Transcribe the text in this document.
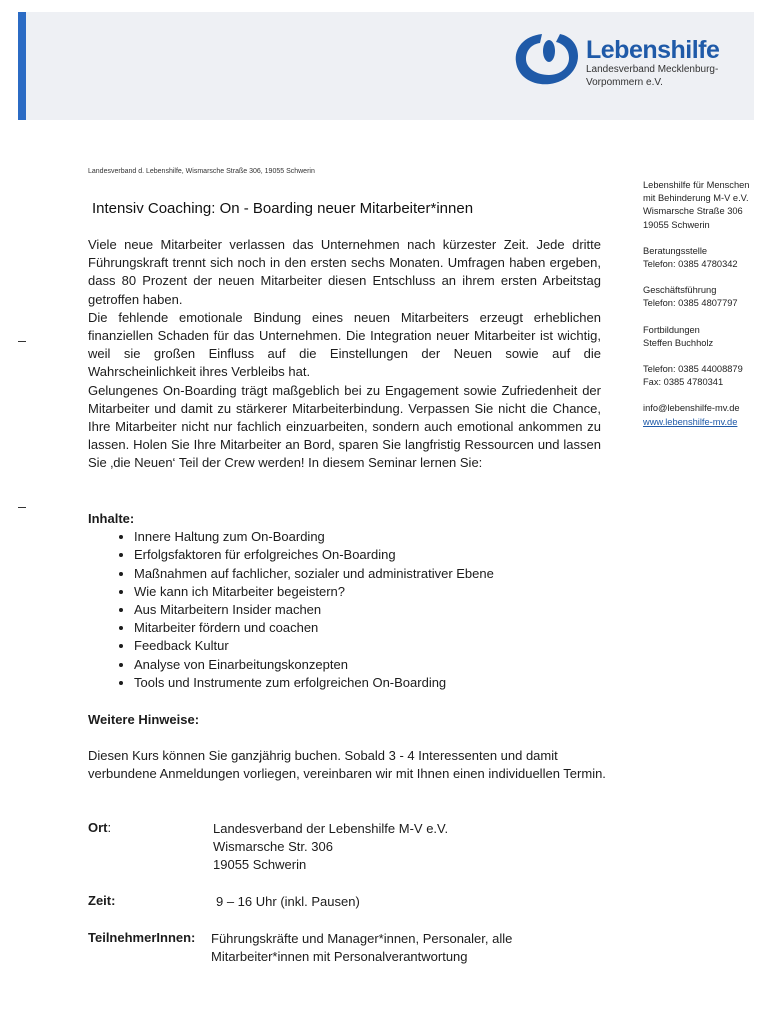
Lebenshilfe
Landesverband Mecklenburg-Vorpommern e.V.
Landesverband d. Lebenshilfe, Wismarsche Straße 306, 19055 Schwerin
Lebenshilfe für Menschen
mit Behinderung M-V e.V.
Wismarsche Straße 306
19055 Schwerin
Beratungsstelle
Telefon: 0385 4780342
Geschäftsführung
Telefon: 0385 4807797
Fortbildungen
Steffen Buchholz
Telefon: 0385 44008879
Fax: 0385 4780341
info@lebenshilfe-mv.de
www.lebenshilfe-mv.de
Intensiv Coaching: On - Boarding neuer Mitarbeiter*innen

Viele neue Mitarbeiter verlassen das Unternehmen nach kürzester Zeit. Jede dritte Führungskraft trennt sich noch in den ersten sechs Monaten. Umfragen haben ergeben, dass 80 Prozent der neuen Mitarbeiter diesen Entschluss an ihrem ersten Arbeitstag getroffen haben.

Die fehlende emotionale Bindung eines neuen Mitarbeiters erzeugt erheblichen finanziellen Schaden für das Unternehmen. Die Integration neuer Mitarbeiter ist wichtig, weil sie großen Einfluss auf die Einstellungen der Neuen sowie auf die Wahrscheinlichkeit ihres Verbleibs hat.

Gelungenes On-Boarding trägt maßgeblich bei zu Engagement sowie Zufriedenheit der Mitarbeiter und damit zu stärkerer Mitarbeiterbindung. Verpassen Sie nicht die Chance, Ihre Mitarbeiter nicht nur fachlich einzuarbeiten, sondern auch emotional ankommen zu lassen. Holen Sie Ihre Mitarbeiter an Bord, sparen Sie langfristig Ressourcen und lassen Sie ‚die Neuen‘ Teil der Crew werden! In diesem Seminar lernen Sie:

Inhalte:
• Innere Haltung zum On-Boarding
• Erfolgsfaktoren für erfolgreiches On-Boarding
• Maßnahmen auf fachlicher, sozialer und administrativer Ebene
• Wie kann ich Mitarbeiter begeistern?
• Aus Mitarbeitern Insider machen
• Mitarbeiter fördern und coachen
• Feedback Kultur
• Analyse von Einarbeitungskonzepten
• Tools und Instrumente zum erfolgreichen On-Boarding
Weitere Hinweise:
Diesen Kurs können Sie ganzjährig buchen. Sobald 3 - 4 Interessenten und damit verbundene Anmeldungen vorliegen, vereinbaren wir mit Ihnen einen individuellen Termin.
Ort:	Landesverband der Lebenshilfe M-V e.V.
Wismarsche Str. 306
19055 Schwerin
Zeit:	9 – 16 Uhr (inkl. Pausen)
TeilnehmerInnen: Führungskräfte und Manager*innen, Personaler, alle
Mitarbeiter*innen mit Personalverantwortung
